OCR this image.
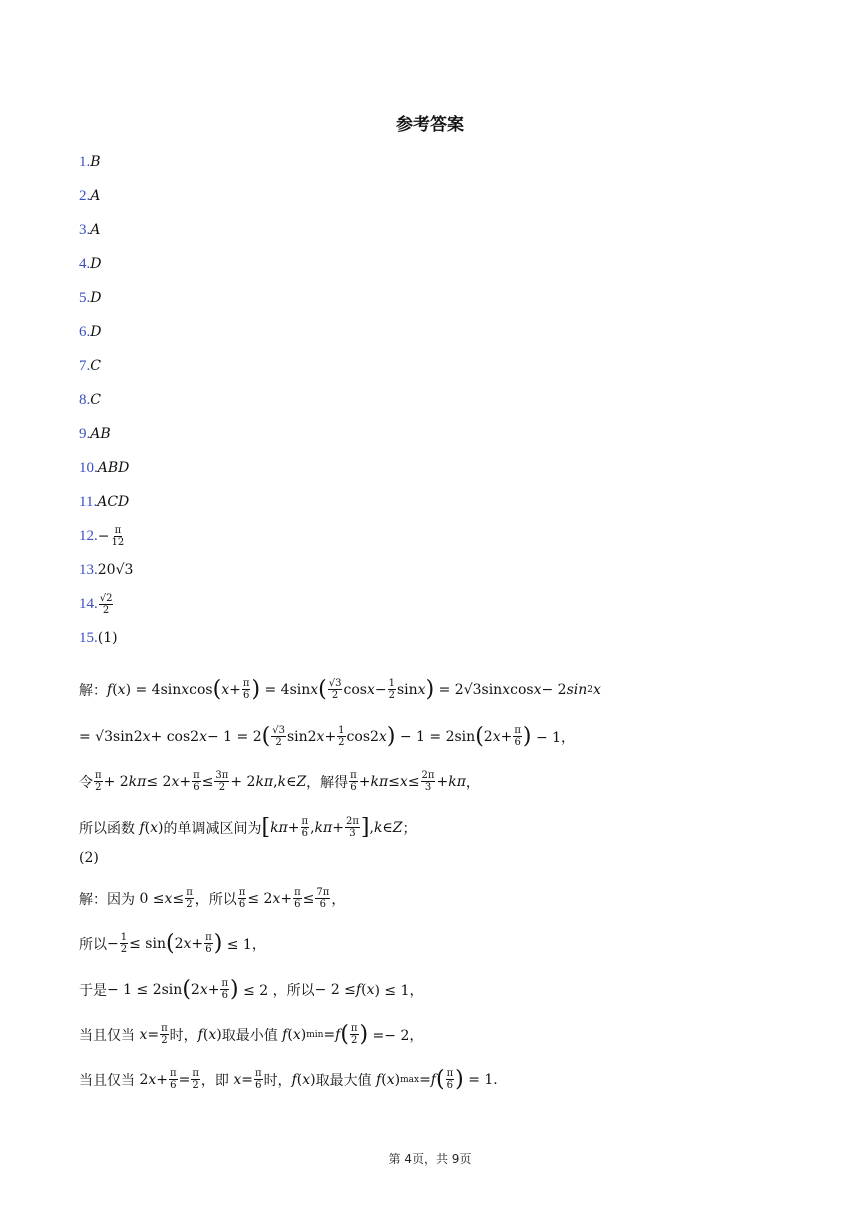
参考答案
1. B
2. A
3. A
4. D
5. D
6. D
7. C
8. C
9. AB
10. ABD
11. ACD
12. − $\frac{\pi}{12}$
13. 20√3
14. $\frac{√2}{2}$
15. (1)
解： f ( x ) = 4sin x cos ( $x + \frac{\pi}{6}$ ) = 4sin x ( $\frac{√3}{2}$ $\cos x - \frac{1}{2}$ sin x ) = 2√3sin x cos x − 2 sin 2 x
= √3sin2 x + cos2 x − 1 = 2 ( $\frac{√3}{2} \sin 2$ $x + \frac{1}{2} \cos 2$ x ) − 1 = 2sin ( 2 $x + \frac{\pi}{6}$ ) − 1，
令 $\frac{\pi}{2} + 2$ kπ ≤ 2 $x + \frac{\pi}{6} \le \frac{3\pi}{2} + 2$ kπ , k ∈ Z ，解得 $\frac{\pi}{6} + k\pi \le x \le \frac{2\pi}{3} + k\pi$ ，
所以函数
f ( x ) 的单调减区间为 [ $k\pi + \frac{\pi}{6}$ , $k\pi + \frac{2\pi}{3}$ ] , k ∈ Z ；
(2)
解： 因为 $0 \le x \le \frac{\pi}{2}$ ， 所以 $\frac{\pi}{6} \le 2$ $x + \frac{\pi}{6} \le \frac{7\pi}{6}$ ，
所以 − $\frac{1}{2} \le \sin$ ( 2 $x + \frac{\pi}{6}$ ) ≤ 1，
于是 − 1 ≤ 2sin ( 2 $x + \frac{\pi}{6}$ ) ≤ 2 ， 所以 − 2 ≤ f ( x ) ≤ 1，
当且仅当
$x = \frac{\pi}{2}$ 时， f ( x ) 取最小值
f ( x ) min = f ( $\frac{\pi}{2}$ ) =− 2，
当且仅当 2 $x + \frac{\pi}{6} = \frac{\pi}{2}$ ， 即
$x = \frac{\pi}{6}$ 时， f ( x ) 取最大值
f ( x ) max = f ( $\frac{\pi}{6}$ ) = 1.
第 4页，共 9页
